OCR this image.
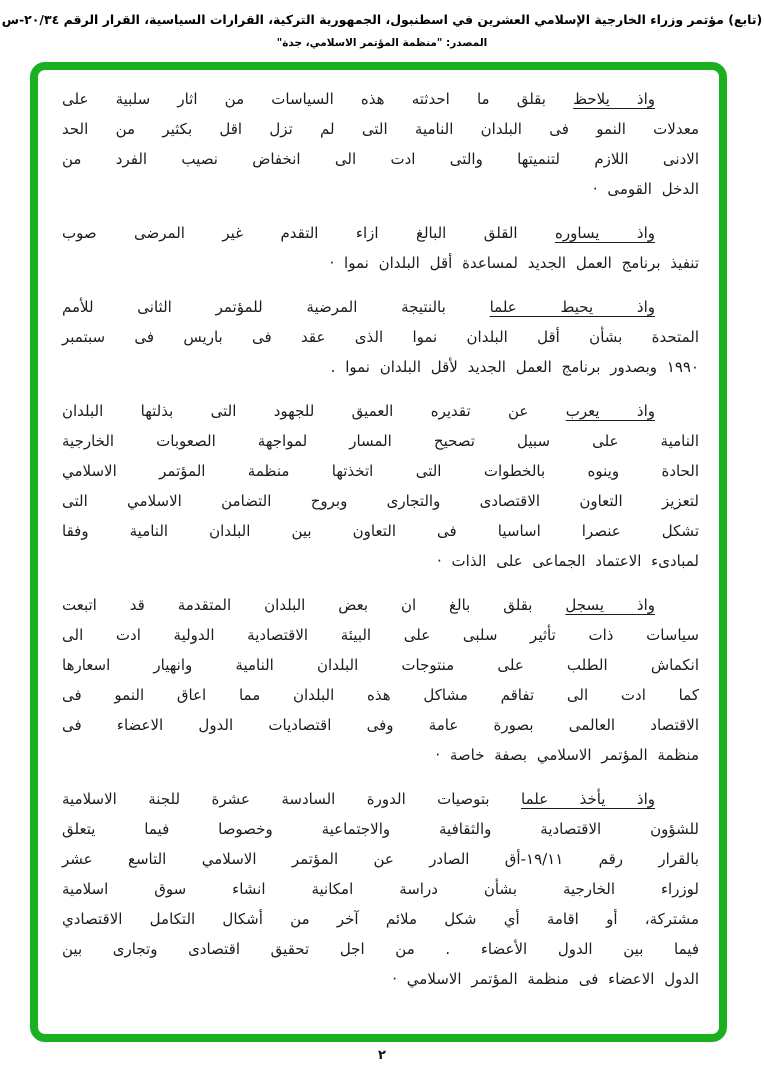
(تابع) مؤتمر وزراء الخارجية الإسلامي العشرين في اسطنبول، الجمهورية التركية، القرارات السياسية، القرار الرقم ٢٠/٣٤-س
المصدر: "منظمة المؤتمر الاسلامي، جدة"
واذ يلاحظ بقلق ما احدثته هذه السياسات من اثار سلبية على
معدلات النمو فى البلدان النامية التى لم تزل اقل بكثير من الحد
الادنى اللازم لتنميتها والتى ادت الى انخفاض نصيب الفرد من
الدخل القومى ·
واذ يساوره القلق البالغ ازاء التقدم غير المرضى صوب
تنفيذ برنامج العمل الجديد لمساعدة أقل البلدان نموا ·
واذ يحيط علما بالنتيجة المرضية للمؤتمر الثانى للأمم
المتحدة بشأن أقل البلدان نموا الذى عقد فى باريس فى سبتمبر
١٩٩٠ وبصدور برنامج العمل الجديد لأقل البلدان نموا .
واذ يعرب عن تقديره العميق للجهود التى بذلتها البلدان
النامية على سبيل تصحيح المسار لمواجهة الصعوبات الخارجية
الحادة وينوه بالخطوات التى اتخذتها منظمة المؤتمر الاسلامي
لتعزيز التعاون الاقتصادى والتجارى وبروح التضامن الاسلامي التى
تشكل عنصرا اساسيا فى التعاون بين البلدان النامية وفقا
لمبادىء الاعتماد الجماعى على الذات ·
واذ يسجل بقلق بالغ ان بعض البلدان المتقدمة قد اتبعت
سياسات ذات تأثير سلبى على البيئة الاقتصادية الدولية ادت الى
انكماش الطلب على منتوجات البلدان النامية وانهيار اسعارها
كما ادت الى تفاقم مشاكل هذه البلدان مما اعاق النمو فى
الاقتصاد العالمى بصورة عامة وفى اقتصاديات الدول الاعضاء فى
منظمة المؤتمر الاسلامي بصفة خاصة ·
واذ يأخذ علما بتوصيات الدورة السادسة عشرة للجنة الاسلامية
للشؤون الاقتصادية والثقافية والاجتماعية وخصوصا فيما يتعلق
بالقرار رقم ١٩/١١-أق الصادر عن المؤتمر الاسلامي التاسع عشر
لوزراء الخارجية بشأن دراسة امكانية انشاء سوق اسلامية
مشتركة، أو اقامة أي شكل ملائم آخر من أشكال التكامل الاقتصادي
فيما بين الدول الأعضاء . من اجل تحقيق اقتصادى وتجارى بين
الدول الاعضاء فى منظمة المؤتمر الاسلامي ·
٢
